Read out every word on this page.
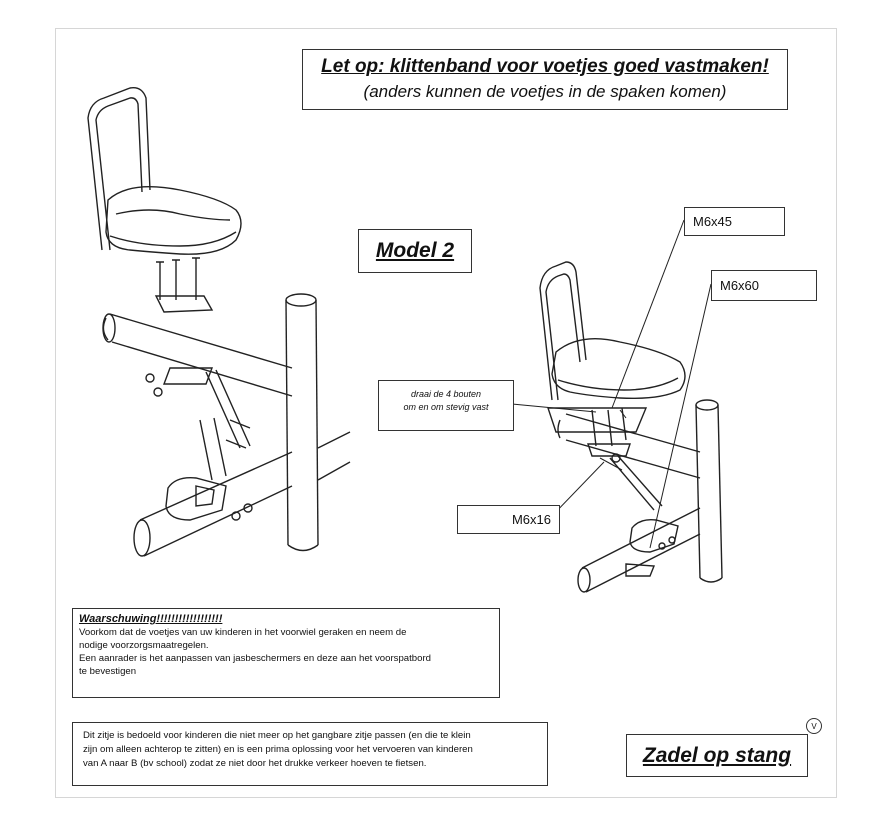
Let op: klittenband voor voetjes goed vastmaken!
(anders kunnen de voetjes in de spaken komen)
Model 2
M6x45
M6x60
M6x16
draai de 4 bouten
om en om stevig vast
Waarschuwing!!!!!!!!!!!!!!!!!!
Voorkom dat de voetjes van uw kinderen in het voorwiel geraken en neem de
nodige voorzorgsmaatregelen.
Een aanrader is het aanpassen van jasbeschermers en deze aan het voorspatbord
te bevestigen
Dit zitje is bedoeld voor kinderen die niet meer op het gangbare zitje passen (en die te klein
zijn om alleen achterop te zitten) en is een prima oplossing voor het vervoeren van kinderen
van A naar B (bv school) zodat ze niet door het drukke verkeer hoeven te fietsen.	Zadel op stang
V
